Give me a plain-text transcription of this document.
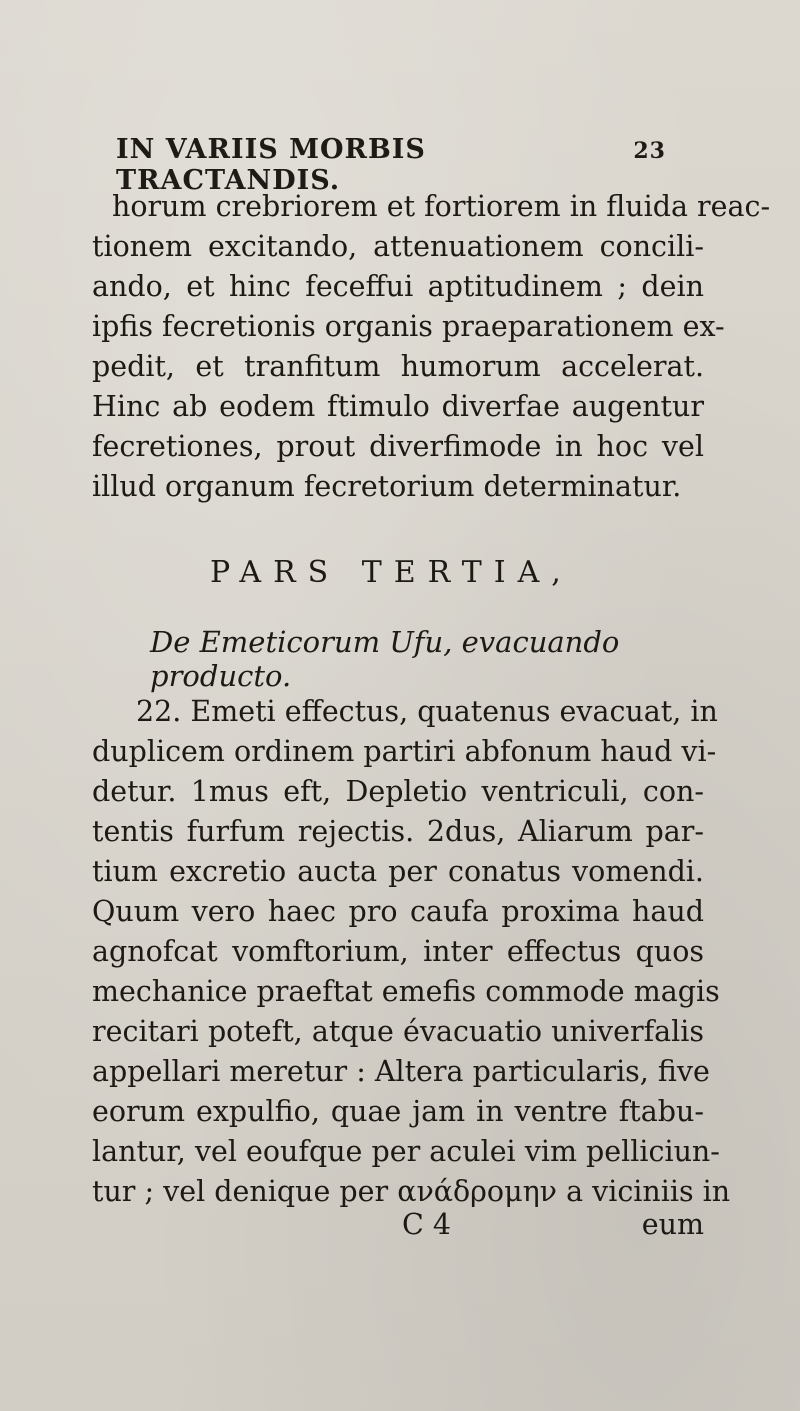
IN VARIIS MORBIS TRACTANDIS.
23
horum crebriorem et fortiorem in fluida reac-
tionem excitando, attenuationem concili-
ando, et hinc feceffui aptitudinem ; dein
ipfis fecretionis organis praeparationem ex-
pedit, et tranfitum humorum accelerat.
Hinc ab eodem ftimulo diverfae augentur
fecretiones, prout diverfimode in hoc vel
illud organum fecretorium determinatur.
PARS TERTIA,
De Emeticorum Ufu, evacuando producto.
22. Emeti effectus, quatenus evacuat, in
duplicem ordinem partiri abfonum haud vi-
detur. 1mus eft, Depletio ventriculi, con-
tentis furfum rejectis. 2dus, Aliarum par-
tium excretio aucta per conatus vomendi.
Quum vero haec pro caufa proxima haud
agnofcat vomftorium, inter effectus quos
mechanice praeftat emefis commode magis
recitari poteft, atque évacuatio univerfalis
appellari meretur : Altera particularis, five
eorum expulfio, quae jam in ventre ftabu-
lantur, vel eoufque per aculei vim pelliciun-
tur ; vel denique per ανάδρομην a viciniis in
C 4	eum
